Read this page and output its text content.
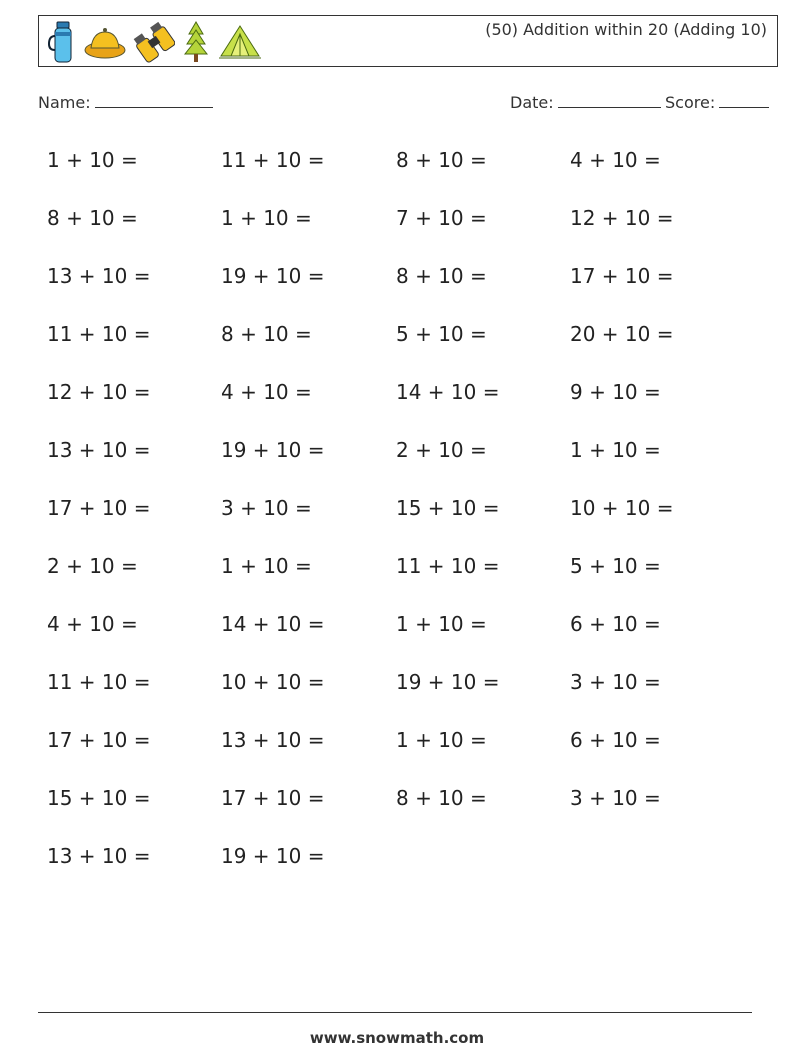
(50) Addition within 20 (Adding 10)
Name:	Date:	Score:
1 + 10 =	11 + 10 =	8 + 10 =	4 + 10 =
8 + 10 =	1 + 10 =	7 + 10 =	12 + 10 =
13 + 10 =	19 + 10 =	8 + 10 =	17 + 10 =
11 + 10 =	8 + 10 =	5 + 10 =	20 + 10 =
12 + 10 =	4 + 10 =	14 + 10 =	9 + 10 =
13 + 10 =	19 + 10 =	2 + 10 =	1 + 10 =
17 + 10 =	3 + 10 =	15 + 10 =	10 + 10 =
2 + 10 =	1 + 10 =	11 + 10 =	5 + 10 =
4 + 10 =	14 + 10 =	1 + 10 =	6 + 10 =
11 + 10 =	10 + 10 =	19 + 10 =	3 + 10 =
17 + 10 =	13 + 10 =	1 + 10 =	6 + 10 =
15 + 10 =	17 + 10 =	8 + 10 =	3 + 10 =
13 + 10 =	19 + 10 =
www.snowmath.com
